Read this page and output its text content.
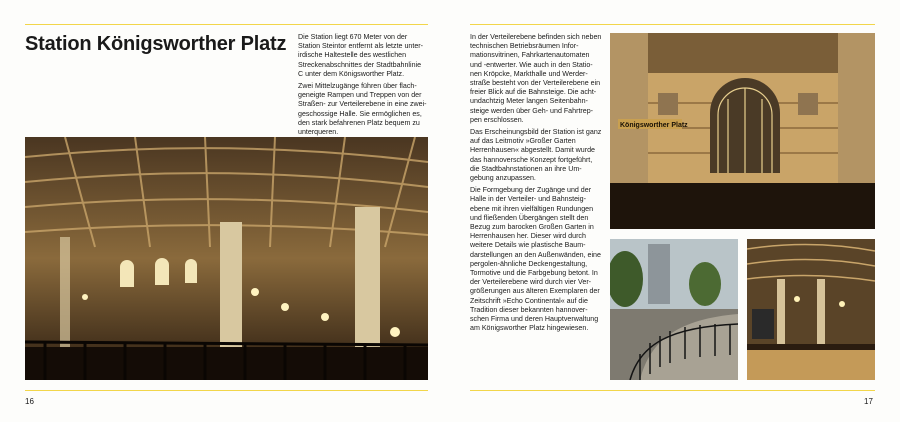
Station Königsworther Platz Die Station liegt 670 Meter von der Station Steintor entfernt als letzte unter-irdische Haltestelle des westlichen Streckenabschnittes der Stadtbahnlinie C unter dem Königsworther Platz.

Zwei Mittelzugänge führen über flach-geneigte Rampen und Treppen von der Straßen- zur Verteilerebene in eine zwei-geschossige Halle. Sie ermöglichen es, den stark befahrenen Platz bequem zu unterqueren.

16

In der Verteilerebene befinden sich neben technischen Betriebsräumen Infor-mationsvitrinen, Fahrkartenautomaten und -entwerter. Wie auch in den Statio-nen Kröpcke, Markthalle und Werder-straße besteht von der Verteilerebene ein freier Blick auf die Bahnsteige. Die acht-undachtzig Meter langen Seitenbahn-steige werden über Geh- und Fahrtrep-pen erschlossen.

Das Erscheinungsbild der Station ist ganz auf das Leitmotiv »Großer Garten Herrenhausen« abgestellt. Damit wurde das hannoversche Konzept fortgeführt, die Stadtbahnstationen an ihre Um-gebung anzupassen.

Die Formgebung der Zugänge und der Halle in der Verteiler- und Bahnsteig-ebene mit ihren vielfältigen Rundungen und fließenden Übergängen stellt den Bezug zum barocken Großen Garten in Herrenhausen her. Dieser wird durch weitere Details wie plastische Baum-darstellungen an den Außenwänden, eine pergolen-ähnliche Deckengestaltung, Tormotive und die Farbgebung betont. In der Verteilerebene wird durch vier Ver-größerungen aus älteren Exemplaren der Zeitschrift »Echo Continental« auf die Tradition dieser bekannten hannover-schen Firma und deren Hauptverwaltung am Königsworther Platz hingewiesen.

Königsworther Platz
17
